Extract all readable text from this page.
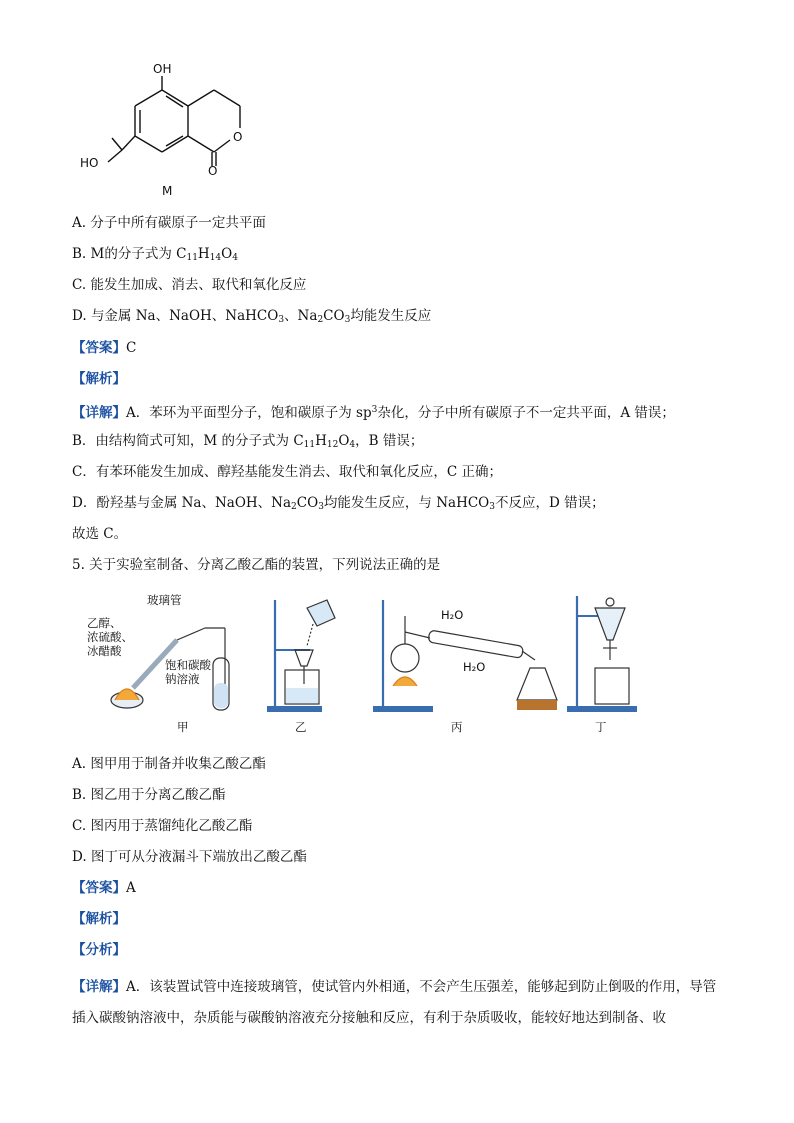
OH
HO
O
O
M
A. 分子中所有碳原子一定共平面
B. M的分子式为 $C_{11}H_{14}O_4$
C. 能发生加成、消去、取代和氧化反应
D. 与金属 Na、NaOH、NaHCO$_3$、$Na_2CO_3$均能发生反应
【答案】C
【解析】
【详解】A．苯环为平面型分子，饱和碳原子为 $sp^3$杂化，分子中所有碳原子不一定共平面，A 错误；
B．由结构简式可知，M 的分子式为 $C_{11}H_{12}O_4$，B 错误；
C．有苯环能发生加成、醇羟基能发生消去、取代和氧化反应，C 正确；
D．酚羟基与金属 Na、NaOH、$Na_2CO_3$均能发生反应，与 NaHCO$_3$不反应，D 错误；
故选 C。
5. 关于实验室制备、分离乙酸乙酯的装置，下列说法正确的是
乙醇、
浓硫酸、
冰醋酸
玻璃管
饱和碳酸
钠溶液
H₂O
H₂O
甲	乙	丙	丁
A. 图甲用于制备并收集乙酸乙酯
B. 图乙用于分离乙酸乙酯
C. 图丙用于蒸馏纯化乙酸乙酯
D. 图丁可从分液漏斗下端放出乙酸乙酯
【答案】A
【解析】
【分析】
【详解】A．该装置试管中连接玻璃管，使试管内外相通，不会产生压强差，能够起到防止倒吸的作用，导管插入碳酸钠溶液中，杂质能与碳酸钠溶液充分接触和反应，有利于杂质吸收，能较好地达到制备、收
